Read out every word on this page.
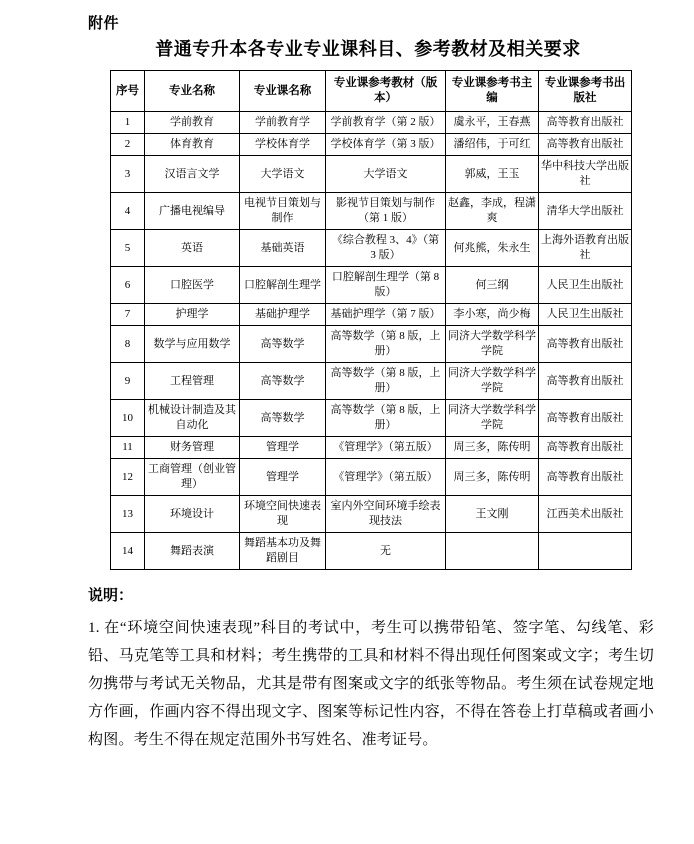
附件
普通专升本各专业专业课科目、参考教材及相关要求
序号	专业名称	专业课名称	专业课参考教材（版本）	专业课参考书主编	专业课参考书出版社
1	学前教育	学前教育学	学前教育学（第 2 版）	虞永平，王春燕	高等教育出版社
2	体育教育	学校体育学	学校体育学（第 3 版）	潘绍伟，于可红	高等教育出版社
3	汉语言文学	大学语文	大学语文	郭威，王玉	华中科技大学出版社
4	广播电视编导	电视节目策划与制作	影视节目策划与制作（第 1 版）	赵鑫，李成，程潇爽	清华大学出版社
5	英语	基础英语	《综合教程 3、4》（第 3 版）	何兆熊，朱永生	上海外语教育出版社
6	口腔医学	口腔解剖生理学	口腔解剖生理学（第 8 版）	何三纲	人民卫生出版社
7	护理学	基础护理学	基础护理学（第 7 版）	李小寒，尚少梅	人民卫生出版社
8	数学与应用数学	高等数学	高等数学（第 8 版，上册）	同济大学数学科学学院	高等教育出版社
9	工程管理	高等数学	高等数学（第 8 版，上册）	同济大学数学科学学院	高等教育出版社
10	机械设计制造及其自动化	高等数学	高等数学（第 8 版，上册）	同济大学数学科学学院	高等教育出版社
11	财务管理	管理学	《管理学》（第五版）	周三多，陈传明	高等教育出版社
12	工商管理（创业管理）	管理学	《管理学》（第五版）	周三多，陈传明	高等教育出版社
13	环境设计	环境空间快速表现	室内外空间环境手绘表现技法	王文刚	江西美术出版社
14	舞蹈表演	舞蹈基本功及舞蹈剧目	无		
说明：

1. 在“环境空间快速表现”科目的考试中，考生可以携带铅笔、签字笔、勾线笔、彩铅、马克笔等工具和材料；考生携带的工具和材料不得出现任何图案或文字；考生切勿携带与考试无关物品，尤其是带有图案或文字的纸张等物品。考生须在试卷规定地方作画，作画内容不得出现文字、图案等标记性内容，不得在答卷上打草稿或者画小构图。考生不得在规定范围外书写姓名、准考证号。
